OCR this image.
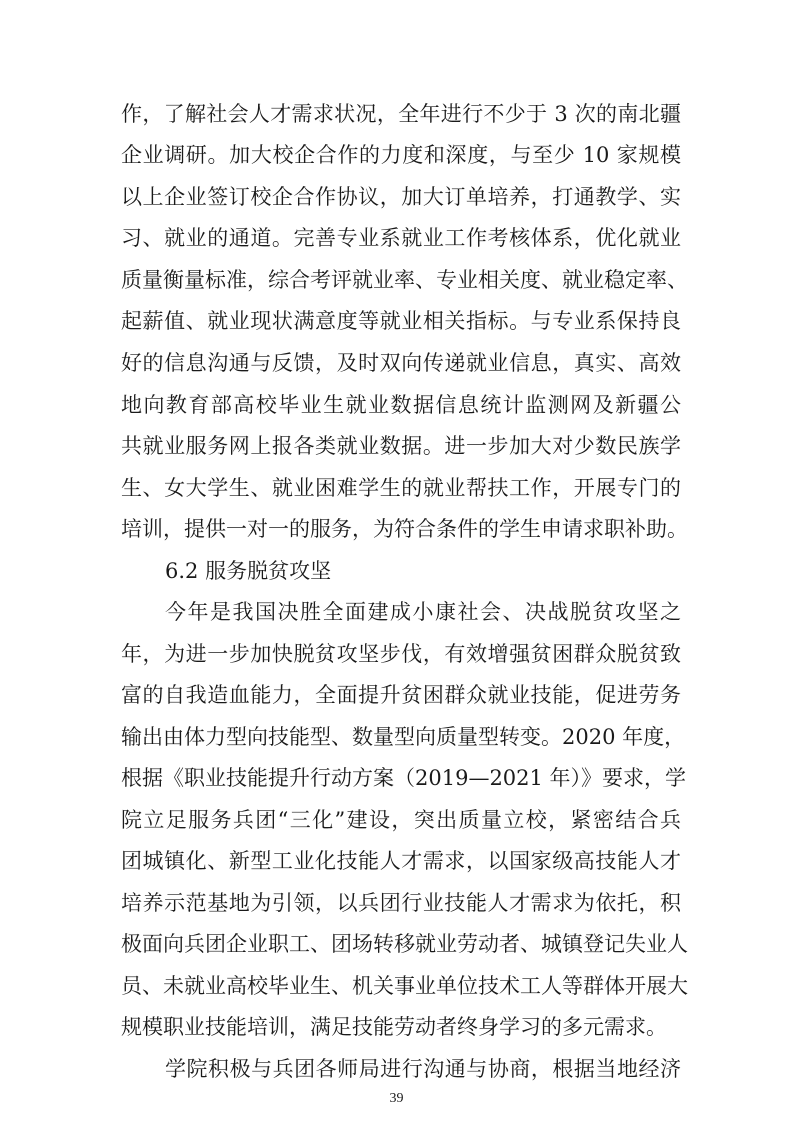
作，了解社会人才需求状况，全年进行不少于 3 次的南北疆
企业调研。加大校企合作的力度和深度，与至少 10 家规模
以上企业签订校企合作协议，加大订单培养，打通教学、实
习、就业的通道。完善专业系就业工作考核体系，优化就业
质量衡量标准，综合考评就业率、专业相关度、就业稳定率、
起薪值、就业现状满意度等就业相关指标。与专业系保持良
好的信息沟通与反馈，及时双向传递就业信息，真实、高效
地向教育部高校毕业生就业数据信息统计监测网及新疆公
共就业服务网上报各类就业数据。进一步加大对少数民族学
生、女大学生、就业困难学生的就业帮扶工作，开展专门的
培训，提供一对一的服务，为符合条件的学生申请求职补助。
6.2 服务脱贫攻坚
今年是我国决胜全面建成小康社会、决战脱贫攻坚之
年，为进一步加快脱贫攻坚步伐，有效增强贫困群众脱贫致
富的自我造血能力，全面提升贫困群众就业技能，促进劳务
输出由体力型向技能型、数量型向质量型转变。2020 年度，
根据《职业技能提升行动方案（2019—2021 年）》要求，学
院立足服务兵团“三化”建设，突出质量立校，紧密结合兵
团城镇化、新型工业化技能人才需求，以国家级高技能人才
培养示范基地为引领，以兵团行业技能人才需求为依托，积
极面向兵团企业职工、团场转移就业劳动者、城镇登记失业人
员、未就业高校毕业生、机关事业单位技术工人等群体开展大
规模职业技能培训，满足技能劳动者终身学习的多元需求。
学院积极与兵团各师局进行沟通与协商，根据当地经济
39
